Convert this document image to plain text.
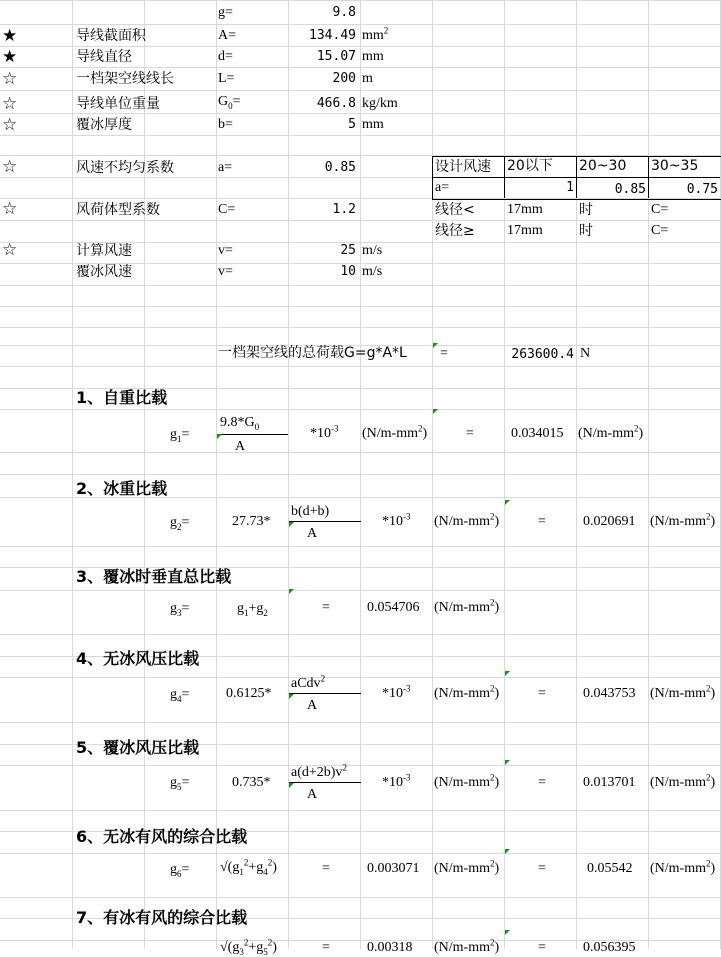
g=	9.8
★	导线截面积	A=	134.49 $mm^2$
★	导线直径	d=	15.07 mm
☆	一档架空线线长	L=	200 m
☆	导线单位重量	$G_0=$	466.8 kg/km
☆	覆冰厚度	b=	5 mm
☆	风速不均匀系数	a=	0.85
☆	风荷体型系数	C=	1.2
☆	计算风速	v=	25 m/s
覆冰风速	v=	10 m/s
设计风速 20以下 20~30 30~35
a=	1	0.85	0.75
线径< 17mm	时	C=
线径≥ 17mm	时	C=
一档架空线的总荷载G=g*A*L =	263600.4 N
1、自重比载
$g_1=$
$9.8*G_0$
A
$*10^{-3}$ $(N/m-mm^2)$	=	0.034015 $(N/m-mm^2)$
2、冰重比载
$g_2=$	27.73*
b(d+b)
A
$*10^{-3}$ $(N/m-mm^2)$	=	0.020691 $(N/m-mm^2)$
3、覆冰时垂直总比载
$g_3=$	$g_1+g_2$	=	0.054706 $(N/m-mm^2)$
4、无冰风压比载
$g_4=$	0.6125*
aCdv$^2$
A
$*10^{-3}$ $(N/m-mm^2)$	=	0.043753 $(N/m-mm^2)$
5、覆冰风压比载
$g_5=$	0.735*
$a(d+2b)v^2$
A
$*10^{-3}$ $(N/m-mm^2)$	=	0.013701 $(N/m-mm^2)$
6、无冰有风的综合比载
$g_6= √(g_1^2+g_4^2)$	=	0.003071 $(N/m-mm^2)$	=	0.05542 $(N/m-mm^2)$
7、有冰有风的综合比载
$√(g_3^2+g_5^2)$	=	0.00318 $(N/m-mm^2)$	=	0.056395
